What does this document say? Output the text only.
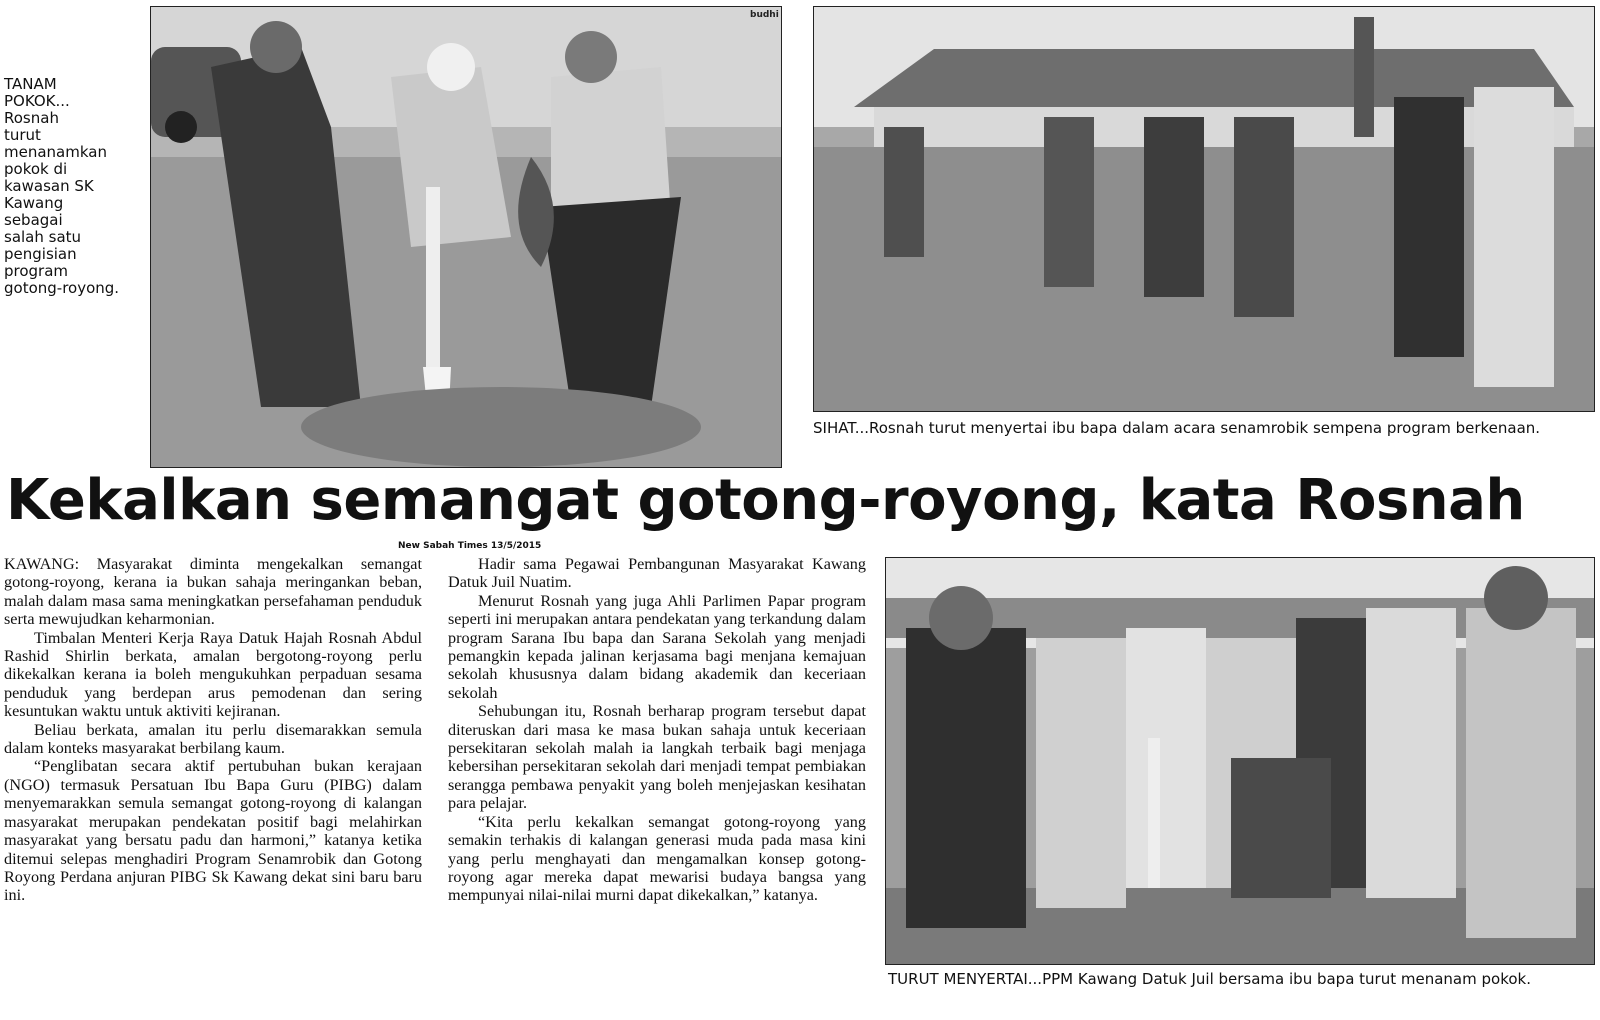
TANAM
POKOK...
Rosnah
turut
menanamkan
pokok di
kawasan SK
Kawang
sebagai
salah satu
pengisian
program
gotong-royong.
budhi
SIHAT...Rosnah turut menyertai ibu bapa dalam acara senamrobik sempena program berkenaan.
Kekalkan semangat gotong-royong, kata Rosnah
New Sabah Times 13/5/2015

KAWANG: Masyarakat diminta mengekalkan semangat gotong-royong, kerana ia bukan sahaja meringankan beban, malah dalam masa sama meningkatkan persefahaman penduduk serta mewujudkan keharmonian.

Timbalan Menteri Kerja Raya Datuk Hajah Rosnah Abdul Rashid Shirlin berkata, amalan bergotong-royong perlu dikekalkan kerana ia boleh mengukuhkan perpaduan sesama penduduk yang berdepan arus pemodenan dan sering kesuntukan waktu untuk aktiviti kejiranan.

Beliau berkata, amalan itu perlu disemarakkan semula dalam konteks masyarakat berbilang kaum.

“Penglibatan secara aktif pertubuhan bukan kerajaan (NGO) termasuk Persatuan Ibu Bapa Guru (PIBG) dalam menyemarakkan semula semangat gotong-royong di kalangan masyarakat merupakan pendekatan positif bagi melahirkan masyarakat yang bersatu padu dan harmoni,” katanya ketika ditemui selepas menghadiri Program Senamrobik dan Gotong Royong Perdana anjuran PIBG Sk Kawang dekat sini baru baru ini.

Hadir sama Pegawai Pembangunan Masyarakat Kawang Datuk Juil Nuatim.

Menurut Rosnah yang juga Ahli Parlimen Papar program seperti ini merupakan antara pendekatan yang terkandung dalam program Sarana Ibu bapa dan Sarana Sekolah yang menjadi pemangkin kepada jalinan kerjasama bagi menjana kemajuan sekolah khususnya dalam bidang akademik dan keceriaan sekolah

Sehubungan itu, Rosnah berharap program tersebut dapat diteruskan dari masa ke masa bukan sahaja untuk keceriaan persekitaran sekolah malah ia langkah terbaik bagi menjaga kebersihan persekitaran sekolah dari menjadi tempat pembiakan serangga pembawa penyakit yang boleh menjejaskan kesihatan para pelajar.

“Kita perlu kekalkan semangat gotong-royong yang semakin terhakis di kalangan generasi muda pada masa kini yang perlu menghayati dan mengamalkan konsep gotong-royong agar mereka dapat mewarisi budaya bangsa yang mempunyai nilai-nilai murni dapat dikekalkan,” katanya.

TURUT MENYERTAI...PPM Kawang Datuk Juil bersama ibu bapa turut menanam pokok.
